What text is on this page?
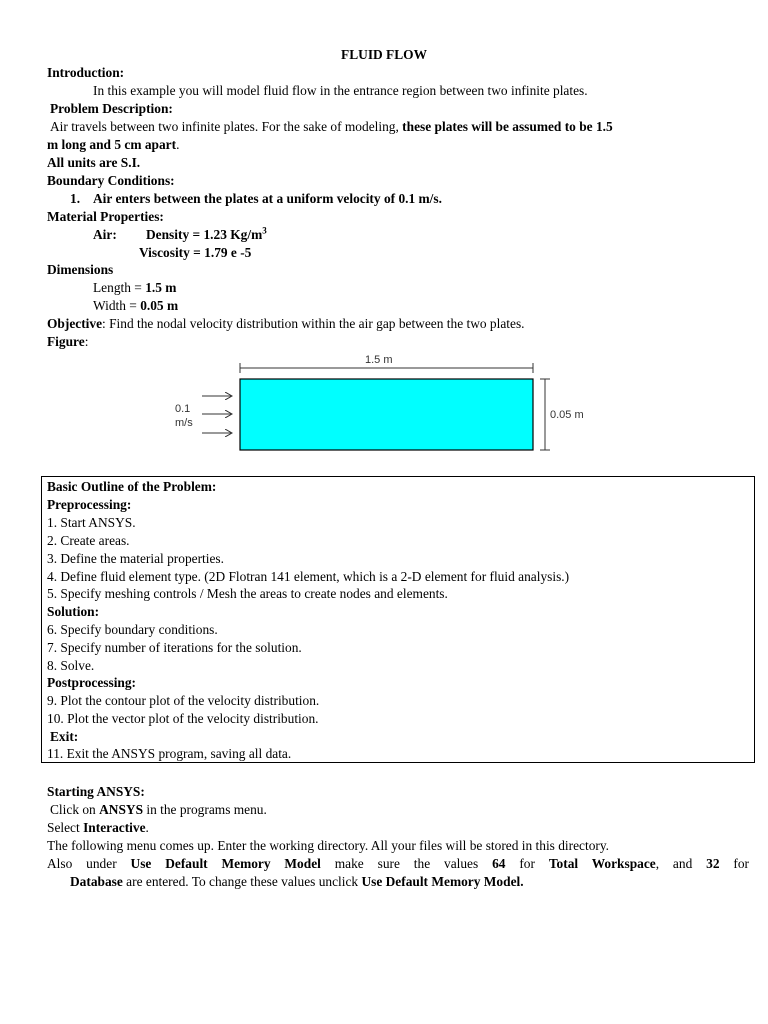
FLUID FLOW
Introduction:
In this example you will model fluid flow in the entrance region between two infinite plates.
Problem Description:
Air travels between two infinite plates. For the sake of modeling, these plates will be assumed to be 1.5
m long and 5 cm apart.
All units are S.I.
Boundary Conditions:
1. Air enters between the plates at a uniform velocity of 0.1 m/s.
Material Properties:
Air: Density = 1.23 $Kg/m^3$
Viscosity = 1.79 e -5
Dimensions
Length = 1.5 m
Width = 0.05 m
Objective: Find the nodal velocity distribution within the air gap between the two plates.
Figure:
1.5 m
0.05 m
0.1
m/s
Basic Outline of the Problem:
Preprocessing:
1. Start ANSYS.
2. Create areas.
3. Define the material properties.
4. Define fluid element type. (2D Flotran 141 element, which is a 2-D element for fluid analysis.)
5. Specify meshing controls / Mesh the areas to create nodes and elements.
Solution:
6. Specify boundary conditions.
7. Specify number of iterations for the solution.
8. Solve.
Postprocessing:
9. Plot the contour plot of the velocity distribution.
10. Plot the vector plot of the velocity distribution.
Exit:
11. Exit the ANSYS program, saving all data.
Starting ANSYS:
Click on ANSYS in the programs menu.
Select Interactive.
The following menu comes up. Enter the working directory. All your files will be stored in this directory.
Also under Use Default Memory Model make sure the values 64 for Total Workspace, and 32 for
Database are entered. To change these values unclick Use Default Memory Model.
